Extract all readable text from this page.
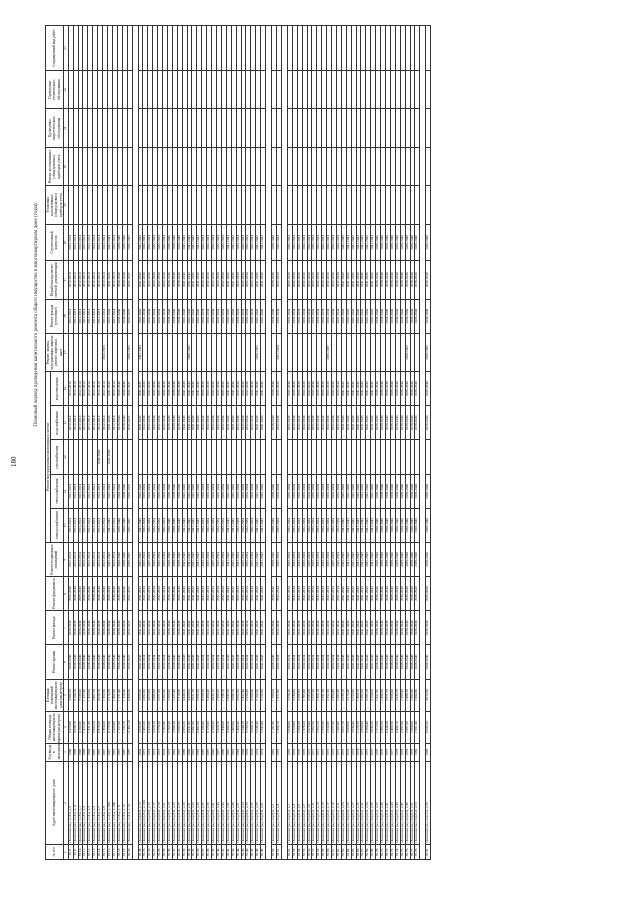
180
Плановый период проведения капитального ремонта общего имущества в многоквартирном доме (годы)
№ п/п	Адрес многоквартирного дома	Год ввода в эксплуатацию	Общая площадь многоквартирного дома (кв.метров)	Площадь помещений многоквартирного дома (кв.метров)	Ремонт крыши	Ремонт фасада	Ремонт фундамента	Ремонт подвальных помещений	Ремонт внутридомовых инженерных систем					Ремонт, замена, модернизация лифтов, ремонт лифтовых шахт	Ремонт фасада (утепление)	Разработка проектно-сметной документации	Строительный контроль	Установка коллективных (общедомовых) приборов учета	Ремонт коллективных (общедомовых) приборов учета	Проведение энергетического обследования	Проведение технического обследования	Сокращенный вид работ
									электроснабжения	теплоснабжения	газоснабжения	водоснабжения	водоотведения									

1	2	3	4	5	6	7	8	9	10	11	12	13	14	15	16	17	18	19	20	21	22	23
35.8.	г.Калининград, ул.8-я, д.9	1988	4 320,80	3 809,30	2038-2040	2038-2040	2038-2040	2012-2014	2012-2014	2012-2014		2012-2014	2012-2014		2012-2014	2012-2014	2012-2014					
35.9.	г.Калининград, ул.8-я, д.11	1998	3 636,70	3 104,70	2038-2040	2038-2040	2038-2040	2012-2014	2012-2014	2012-2014		2012-2014	2012-2014		2012-2014	2012-2014	2012-2014					
35.10.	г.Калининград, ул.8-я, д.1	1998	4 183,90	3 538,90	2038-2040	2038-2040	2038-2040	2012-2014	2012-2014	2012-2014		2012-2014	2012-2014		2012-2014	2012-2014	2012-2014					
35.11.	г.Калининград, ул.8-я, д.3	1998	1 622,30	1 327,40	2038-2040	2038-2040	2038-2040	2012-2014	2012-2014	2012-2014		2012-2014	2012-2014		2012-2014	2012-2014	2012-2014					
35.12.	г.Калининград, ул.8-я, д.5	1968	1 631,30	1 455,90	2038-2040	2038-2040	2038-2040	2012-2014	2012-2014	2012-2014		2012-2014	2012-2014		2012-2014	2012-2014	2012-2014					
35.13.	г.Калининград, ул.8-я, д.3	1997	3 903,70	2 867,70	2038-2040	2038-2040	2038-2040	2012-2014	2012-2014	2012-2014		2012-2014	2012-2014		2012-2014	2012-2014	2012-2014					
35.14.	г.Калининград, ул.8-я, д.7	1997	4 879,30	4 030,70	2038-2040	2038-2040	2038-2040	2012-2014	2012-2014	2012-2014	2038-2040	2012-2014	2012-2014		2012-2014	2012-2014	2012-2014					
35.15.	г.Калининград, ул.8-я, д.9	1997	1 894,60	1 592,60	2038-2040	2038-2040	2038-2040	2012-2014	2012-2014	2012-2014		2012-2014	2012-2014	2012-2015	2012-2014	2012-2014	2012-2014					
35.16.	г.Калининград, ул.8-я, д.10А	1997	4 176,80	3 518,30	2038-2040	2038-2040	2038-2040	2041-2043	2041-2043	2041-2043	2041-2043	2041-2043	2041-2043		2041-2043	2041-2043	2041-2043					
35.17.	г.Калининград, ул.8-я, д.10Б	1997	2 024,80	1 662,00	2038-2040	2038-2040	2038-2040	2012-2014	2012-2014	2012-2014		2012-2014	2012-2014		2012-2014	2012-2014	2012-2014					
35.18.	г.Калининград, ул.8-я, д.11	1997	1 527,90	1 337,40	2038-2040	2038-2040	2038-2040	2038-2040	2038-2040	2038-2040		2038-2040	2038-2040		2038-2040	2038-2040	2038-2040					
35.19.	г.Калининград, ул.8-я, д.12	1987	1 535,70	1 326,40	2038-2040	2038-2040	2038-2040	2038-2040	2038-2040	2038-2040		2038-2040	2038-2040		2038-2040	2038-2040	2038-2040					
35.20.	г.Калининград, ул.8-я, д.14	1987	12 461,20	9 408,30	2035-2037	2035-2037	2035-2037	2035-2037	2035-2037	2035-2037		2035-2037	2035-2037	2020-2022	2035-2037	2035-2037	2035-2037					

35.24.	г.Калининград, пер.8-й, д.13	2004	3 659,30	3 079,30	2041-2043	2041-2043	2041-2043	2041-2043	2041-2043	2041-2043		2041-2043	2041-2043	2041-2043	2041-2043	2041-2043	2041-2043					
35.25.	г.Калининград, пер.8-й, д.13А	1975	2 463,30	2 052,00	2032-2034	2032-2034	2032-2034	2032-2034	2032-2034	2032-2034		2032-2034	2032-2034		2032-2034	2032-2034	2032-2034					
35.26.	г.Калининград, пер.8-й, д.15	1974	4 333,80	4 023,90	2032-2034	2032-2034	2032-2034	2032-2034	2032-2034	2032-2034		2032-2034	2032-2034		2032-2034	2032-2034	2032-2034					
35.27.	г.Калининград, пер.8-й, д.17	1973	4 328,10	3 805,90	2032-2034	2032-2034	2032-2034	2032-2034	2032-2034	2032-2034		2032-2034	2032-2034		2032-2034	2032-2034	2032-2034					
35.28.	г.Калининград, пер.8-й, д.19	1973	3 778,20	3 371,60	2032-2034	2032-2034	2032-2034	2032-2034	2032-2034	2032-2034		2032-2034	2032-2034		2032-2034	2032-2034	2032-2034					
35.29.	г.Калининград, пер.8-й, д.21	1973	3 765,80	3 362,90	2032-2034	2032-2034	2032-2034	2032-2034	2032-2034	2032-2034		2032-2034	2032-2034		2032-2034	2032-2034	2032-2034					
35.30.	г.Калининград, пер.8-й, д.23	1973	3 769,30	3 368,60	2038-2040	2038-2040	2038-2040	2038-2040	2038-2040	2038-2040		2038-2040	2038-2040		2038-2040	2038-2040	2038-2040					
35.31.	г.Калининград, пер.8-й, д.25	1992	2 609,50	2 325,40	2038-2040	2038-2040	2038-2040	2038-2040	2038-2040	2038-2040		2038-2040	2038-2040		2038-2040	2038-2040	2038-2040					
35.32.	г.Калининград, пер.8-й, д.27	1992	2 605,50	2 318,80	2038-2040	2038-2040	2038-2040	2038-2040	2038-2040	2038-2040		2038-2040	2038-2040		2038-2040	2038-2040	2038-2040					
35.33.	г.Калининград, пер.8-й, д.29	1989	4 993,30	4 440,20	2041-2043	2041-2043	2041-2043	2041-2043	2041-2043	2041-2043		2041-2043	2041-2043		2041-2043	2041-2043	2041-2043					
35.34.	г.Калининград, пер.8-й, д.31	1990	4 941,80	4 390,90	2041-2043	2041-2043	2041-2043	2041-2043	2041-2043	2041-2043		2041-2043	2041-2043	2009-2032	2041-2043	2041-2043	2041-2043					
35.35.	г.Калининград, пер.8-й, д.33	1992	4 401,00	3 921,70	2041-2043	2041-2043	2041-2043	2041-2043	2041-2043	2041-2043		2041-2043	2041-2043		2041-2043	2041-2043	2041-2043					
35.36.	г.Калининград, пер.8-й, д.35	1993	4 482,30	3 999,30	2041-2043	2041-2043	2041-2043	2041-2043	2041-2043	2041-2043		2041-2043	2041-2043		2041-2043	2041-2043	2041-2043					
35.37.	г.Калининград, пер.8-й, д.37	1987	5 108,40	4 559,70	2032-2034	2032-2034	2032-2034	2032-2034	2032-2034	2032-2034		2032-2034	2032-2034		2032-2034	2032-2034	2032-2034					
35.38.	г.Калининград, пер.8-й, д.39	1987	6 125,90	5 490,40	2032-2034	2032-2034	2032-2034	2032-2034	2032-2034	2032-2034		2032-2034	2032-2034		2032-2034	2032-2034	2032-2034					
35.39.	г.Калининград, пер.8-й, д.41	1990	4 508,30	4 032,10	2032-2034	2032-2034	2032-2034	2032-2034	2032-2034	2032-2034		2032-2034	2032-2034		2032-2034	2032-2034	2032-2034					
35.40.	г.Калининград, пер.8-й, д.43	1967	3 324,70	2 966,60	2032-2034	2032-2034	2032-2034	2032-2034	2032-2034	2032-2034		2032-2034	2032-2034		2032-2034	2032-2034	2032-2034					
35.41.	г.Калининград, пер.8-й, д.45	1966	1 948,60	1 738,10	2032-2034	2032-2034	2032-2034	2032-2034	2032-2034	2032-2034		2032-2034	2032-2034		2032-2034	2032-2034	2032-2034					
35.42.	г.Калининград, пер.8-й, д.47	1992	3 300,30	2 943,50	2041-2043	2041-2043	2041-2043	2041-2043	2041-2043	2041-2043		2041-2043	2041-2043		2041-2043	2041-2043	2041-2043					
35.43.	г.Калининград, пер.8-й, д.49	1993	3 463,60	3 089,70	2041-2043	2041-2043	2041-2043	2041-2043	2041-2043	2041-2043		2041-2043	2041-2043		2041-2043	2041-2043	2041-2043					
35.44.	г.Калининград, пер.8-й, д.51	1968	3 466,30	3 092,90	2032-2034	2032-2034	2032-2034	2032-2034	2032-2034	2032-2034		2032-2034	2032-2034		2032-2034	2032-2034	2032-2034					
35.45.	г.Калининград, пер.8-й, д.53	1969	2 749,20	2 452,40	2032-2034	2032-2034	2032-2034	2032-2034	2032-2034	2032-2034		2032-2034	2032-2034		2032-2034	2032-2034	2032-2034					
35.46.	г.Калининград, пер.8-й, д.55	1970	3 733,50	3 330,80	2032-2034	2032-2034	2032-2034	2032-2034	2032-2034	2032-2034		2032-2034	2032-2034		2032-2034	2032-2034	2032-2034					
35.47.	г.Калининград, пер.8-й, д.57	1970	3 698,10	3 299,40	2032-2034	2032-2034	2032-2034	2032-2034	2032-2034	2032-2034		2032-2034	2032-2034		2032-2034	2032-2034	2032-2034					
35.48.	г.Калининград, пер.8-й, д.59	1974	3 549,40	3 166,50	2041-2043	2041-2043	2041-2043	2041-2043	2041-2043	2041-2043		2041-2043	2041-2043	2020-2022	2041-2043	2041-2043	2041-2043					
35.49.	г.Калининград, пер.8-й, д.61	1974	3 542,00	3 159,90	2041-2043	2041-2043	2041-2043	2041-2043	2041-2043	2041-2043		2041-2043	2041-2043		2041-2043	2041-2043	2041-2043					

35.50.	г.Калининград, пер.8-й, д.2	1992	2 181,00	1 780,60	2038-2040	2038-2040	2038-2040	2038-2040	2038-2040	2038-2040		2038-2040	2038-2040		2038-2040	2038-2040	2038-2040					
35.51.	г.Калининград, пер.8-й, д.4	1953	1 996,70	1 671,90	2032-2034	2032-2034	2032-2034	2032-2034	2032-2034	2032-2034		2032-2034	2032-2034	2017-2019	2032-2034	2032-2034	2032-2034					

35.52.	г.Калининград, пер.6-й, д.1	1970	3 648,90	3 258,30	2032-2034	2032-2034	2032-2034	2032-2034	2032-2034	2032-2034		2032-2034	2032-2034		2032-2034	2032-2034	2032-2034					
35.53.	г.Калининград, пер.6-й, д.3	1970	3 729,90	3 330,00	2032-2034	2032-2034	2032-2034	2032-2034	2032-2034	2032-2034		2032-2034	2032-2034		2032-2034	2032-2034	2032-2034					
35.54.	г.Калининград, пер.6-й, д.5	1970	3 696,50	3 299,90	2032-2034	2032-2034	2032-2034	2032-2034	2032-2034	2032-2034		2032-2034	2032-2034		2032-2034	2032-2034	2032-2034					
35.55.	г.Калининград, пер.6-й, д.7	1970	1 976,60	1 765,80	2032-2034	2032-2034	2032-2034	2032-2034	2032-2034	2032-2034		2032-2034	2032-2034		2032-2034	2032-2034	2032-2034					
35.56.	г.Калининград, пер.6-й, д.9	1971	3 679,00	3 285,60	2032-2034	2032-2034	2032-2034	2032-2034	2032-2034	2032-2034		2032-2034	2032-2034		2032-2034	2032-2034	2032-2034					
35.57.	г.Калининград, пер.6-й, д.11	1971	2 662,50	2 377,30	2032-2034	2032-2034	2032-2034	2032-2034	2032-2034	2032-2034		2032-2034	2032-2034		2032-2034	2032-2034	2032-2034					
35.58.	г.Калининград, пер.6-й, д.13	1971	2 652,70	2 369,10	2032-2034	2032-2034	2032-2034	2032-2034	2032-2034	2032-2034		2032-2034	2032-2034		2032-2034	2032-2034	2032-2034					
35.59.	г.Калининград, пер.6-й, д.15	1972	2 555,50	2 281,50	2032-2034	2032-2034	2032-2034	2032-2034	2032-2034	2032-2034		2032-2034	2032-2034		2032-2034	2032-2034	2032-2034					
35.60.	г.Калининград, пер.6-й, д.17	1972	2 634,80	2 352,30	2032-2034	2032-2034	2032-2034	2032-2034	2032-2034	2032-2034		2032-2034	2032-2034	2035-2037	2032-2034	2032-2034	2032-2034					
35.61.	г.Калининград, пер.6-й, д.19	1972	2 677,30	2 390,40	2032-2034	2032-2034	2032-2034	2032-2034	2032-2034	2032-2034		2032-2034	2032-2034		2032-2034	2032-2034	2032-2034					
35.62.	г.Калининград, пер.6-й, д.21	1972	2 582,00	2 305,30	2032-2034	2032-2034	2032-2034	2032-2034	2032-2034	2032-2034		2032-2034	2032-2034		2032-2034	2032-2034	2032-2034					
35.63.	г.Калининград, пер.6-й, д.23	1973	3 621,70	3 233,70	2041-2043	2041-2043	2041-2043	2041-2043	2041-2043	2041-2043		2041-2043	2041-2043		2041-2043	2041-2043	2041-2043					
35.64.	г.Калининград, пер.6-й, д.25	1973	3 669,60	3 276,40	2041-2043	2041-2043	2041-2043	2041-2043	2041-2043	2041-2043		2041-2043	2041-2043		2041-2043	2041-2043	2041-2043					
35.65.	г.Калининград, пер.6-й, д.27	1973	3 644,40	3 253,90	2041-2043	2041-2043	2041-2043	2041-2043	2041-2043	2041-2043		2041-2043	2041-2043		2041-2043	2041-2043	2041-2043					
35.66.	г.Калининград, пер.6-й, д.29	1974	2 126,50	1 898,70	2041-2043	2041-2043	2041-2043	2041-2043	2041-2043	2041-2043		2041-2043	2041-2043		2041-2043	2041-2043	2041-2043					
35.67.	г.Калининград, пер.6-й, д.31	1975	3 800,00	3 392,90	2041-2043	2041-2043	2041-2043	2041-2043	2041-2043	2041-2043		2041-2043	2041-2043		2041-2043	2041-2043	2041-2043					
35.68.	г.Калининград, пер.6-й, д.33	1975	3 590,40	3 205,70	2041-2043	2041-2043	2041-2043	2041-2043	2041-2043	2041-2043		2041-2043	2041-2043		2041-2043	2041-2043	2041-2043					
35.69.	г.Калининград, пер.6-й, д.35	1975	3 645,20	3 254,60	2041-2043	2041-2043	2041-2043	2041-2043	2041-2043	2041-2043		2041-2043	2041-2043		2041-2043	2041-2043	2041-2043					
35.70.	г.Калининград, пер.6-й, д.37	1976	2 712,60	2 421,90	2038-2040	2038-2040	2038-2040	2038-2040	2038-2040	2038-2040		2038-2040	2038-2040		2038-2040	2038-2040	2038-2040					
35.71.	г.Калининград, пер.6-й, д.39	1976	2 695,70	2 406,90	2038-2040	2038-2040	2038-2040	2038-2040	2038-2040	2038-2040		2038-2040	2038-2040		2038-2040	2038-2040	2038-2040					
35.72.	г.Калининград, пер.6-й, д.41	1977	4 448,30	3 971,70	2038-2040	2038-2040	2038-2040	2038-2040	2038-2040	2038-2040		2038-2040	2038-2040		2038-2040	2038-2040	2038-2040					
35.73.	г.Калининград, пер.6-й, д.43	1977	4 466,50	3 988,00	2038-2040	2038-2040	2038-2040	2038-2040	2038-2040	2038-2040		2038-2040	2038-2040		2038-2040	2038-2040	2038-2040					
35.74.	г.Калининград, пер.6-й, д.45	1978	4 409,10	3 936,70	2038-2040	2038-2040	2038-2040	2038-2040	2038-2040	2038-2040		2038-2040	2038-2040		2038-2040	2038-2040	2038-2040					
35.75.	г.Калининград, пер.6-й, д.47	1978	2 687,90	2 399,90	2038-2040	2038-2040	2038-2040	2038-2040	2038-2040	2038-2040		2038-2040	2038-2040		2038-2040	2038-2040	2038-2040					
35.76.	г.Калининград, пер.6-й, д.49	1979	2 697,50	2 408,50	2038-2040	2038-2040	2038-2040	2038-2040	2038-2040	2038-2040		2038-2040	2038-2040	2020-2022	2038-2040	2038-2040	2038-2040					
35.77.	г.Калининград, пер.6-й, д.51	1979	2 668,90	2 382,90	2038-2040	2038-2040	2038-2040	2038-2040	2038-2040	2038-2040		2038-2040	2038-2040		2038-2040	2038-2040	2038-2040					
35.78.	г.Калининград, пер.6-й, д.53	1980	2 581,40	2 304,80	2038-2040	2038-2040	2038-2040	2038-2040	2038-2040	2038-2040		2038-2040	2038-2040		2038-2040	2038-2040	2038-2040					

35.81.	г.Калининград, пер.5-й, д.35	1998	4 635,50	4 013,30	2038-2040	2038-2040	2038-2040	2038-2040	2038-2040	2038-2040		2038-2040	2038-2040	2029-2032	2038-2040	2038-2040	2038-2040					
